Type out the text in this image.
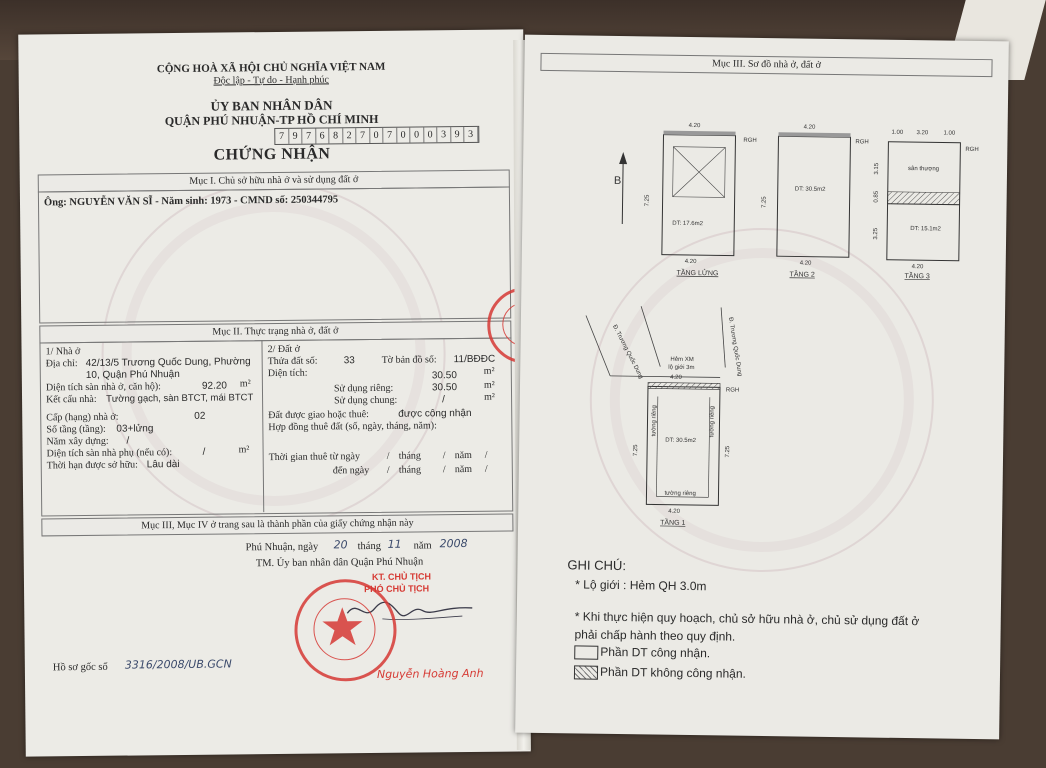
CỘNG HOÀ XÃ HỘI CHỦ NGHĨA VIỆT NAM
Độc lập - Tự do - Hạnh phúc
ỦY BAN NHÂN DÂN
QUẬN PHÚ NHUẬN-TP HỒ CHÍ MINH
7 9 7 6 8 2 7 0 7 0 0 0 3 9 3
CHỨNG NHẬN
Mục I. Chủ sở hữu nhà ở và sử dụng đất ở
Ông: NGUYỄN VĂN SĨ - Năm sinh: 1973 - CMND số: 250344795
Mục II. Thực trạng nhà ở, đất ở
1/ Nhà ở
Địa chỉ: 42/13/5 Trương Quốc Dung, Phường
10, Quận Phú Nhuận
Diện tích sàn nhà ở, căn hộ):	92.20 m²
Kết cấu nhà: Tường gạch, sàn BTCT, mái BTCT
Cấp (hạng) nhà ở:	02
Số tầng (tầng): 03+lửng
Năm xây dựng: /
Diện tích sàn nhà phụ (nếu có):	/	m²
Thời hạn được sở hữu: Lâu dài
2/ Đất ở
Thửa đất số:	33	Tờ bản đồ số: 11/BĐĐC
Diện tích:	30.50	m²
Sử dụng riêng:	30.50	m²
Sử dụng chung:	/	m²
Đất được giao hoặc thuê:	được công nhận
Hợp đồng thuê đất (số, ngày, tháng, năm):
Thời gian thuê từ ngày	/ tháng / năm /
đến ngày / tháng / năm /
Mục III, Mục IV ở trang sau là thành phần của giấy chứng nhận này
Phú Nhuận, ngày 20 tháng 11 năm 2008
TM. Ủy ban nhân dân Quận Phú Nhuận
KT. CHỦ TỊCH
PHÓ CHỦ TỊCH
Nguyễn Hoàng Anh
Hồ sơ gốc số 3316/2008/UB.GCN
Mục III. Sơ đồ nhà ở, đất ở
B
DT: 17.6m2
4.20
4.20
7.25
TẦNG LỬNG
RGH
DT: 30.5m2
4.20
4.20
7.25
TẦNG 2
RGH
sân thượng
DT: 15.1m2
1.00 3.20	1.00
4.20
3.15
0.85
3.25
TẦNG 3
RGH
Đ. Trương Quốc Dung	Đ. Trương Quốc Dung
Hẻm XM
lộ giới 3m
DT: 30.5m2
4.20
4.20
7.25	7.25
tường riêng	tường riêng
tường riêng
RGH
TẦNG 1
GHI CHÚ:
* Lộ giới : Hẻm QH 3.0m
* Khi thực hiện quy hoạch, chủ sở hữu nhà ở, chủ sử dụng đất ở
phải chấp hành theo quy định.
Phần DT công nhận.
Phần DT không công nhận.
